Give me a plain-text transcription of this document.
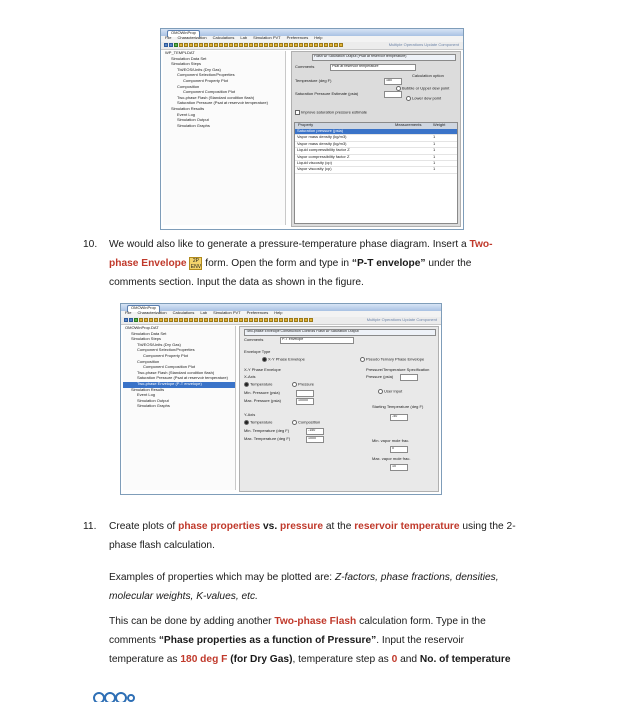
OMOWinProp
File Characterization Calculations Lab Simulation PVT Preferences Help
Multiple Operations Update Component
WP_TEMPLDAT
Simulation Data Set
Simulation Steps
Tbl/EOS/Units (Dry Gas)
Component Selection/Properties
Component Property Plot
Composition
Component Composition Plot
Two-phase Flash (Standard condition flash)
Saturation Pressure (Psat at reservoir temperature)
Simulation Results
Event Log
Simulation Output
Simulation Graphs
Flash w/ Saturation Output (Psat at reservoir temperature)
Comments	Psat at reservoir temperature
Temperature (deg F)	180
Calculation option
Bubble or Upper dew point
Lower dew point
Saturation Pressure Estimate (psia)
Improve saturation pressure estimate
Property	Measurements	Weight
Saturation pressure (psia)
Vapor mass density (kg/m3)	1
Vapor mass density (kg/m3)	1
Liquid compressibility factor Z	1
Vapor compressibility factor Z	1
Liquid viscosity (cp)	1
Vapor viscosity (cp)	1
10. We would also like to generate a pressure-temperature phase diagram. Insert a Two-
phase Envelope 2P
ENV form. Open the form and type in “P-T envelope” under the
comments section. Input the data as shown in the figure.
OMOWinProp
File Characterization Calculations Lab Simulation PVT Preferences Help
Multiple Operations Update Component
OMOWinProp.DAT
Simulation Data Set
Simulation Steps
Tbl/EOS/Units (Dry Gas)
Component Selection/Properties
Component Property Plot
Composition
Component Composition Plot
Two-phase Flash (Standard condition flash)
Saturation Pressure (Psat at reservoir temperature)
Two-phase Envelope (P-T envelope)
Simulation Results
Event Log
Simulation Output
Simulation Graphs
Two-phase Envelope Construction Controls Flash w/ Saturation Output
Comments	P-T envelope
Envelope Type
X-Y Phase Envelope	Pseudo Ternary Phase Envelope
X-Y Phase Envelope
X-Axis
Temperature	Pressure
Min. Pressure (psia)
Max. Pressure (psia)	10000
Y-Axis
Temperature	Composition
Min. Temperature (deg F)	-150
Max. Temperature (deg F)	1000
Pressure/Temperature Specification
Pressure (psia)
User input
Starting Temperature (deg F)
-40
Min. vapor mole frac.
0
Max. vapor mole frac.
10
11. Create plots of phase properties vs. pressure at the reservoir temperature using the 2-
phase flash calculation.
Examples of properties which may be plotted are: Z-factors, phase fractions, densities,
molecular weights, K-values, etc.
This can be done by adding another Two-phase Flash calculation form. Type in the
comments “Phase properties as a function of Pressure”. Input the reservoir
temperature as 180 deg F (for Dry Gas), temperature step as 0 and No. of temperature
